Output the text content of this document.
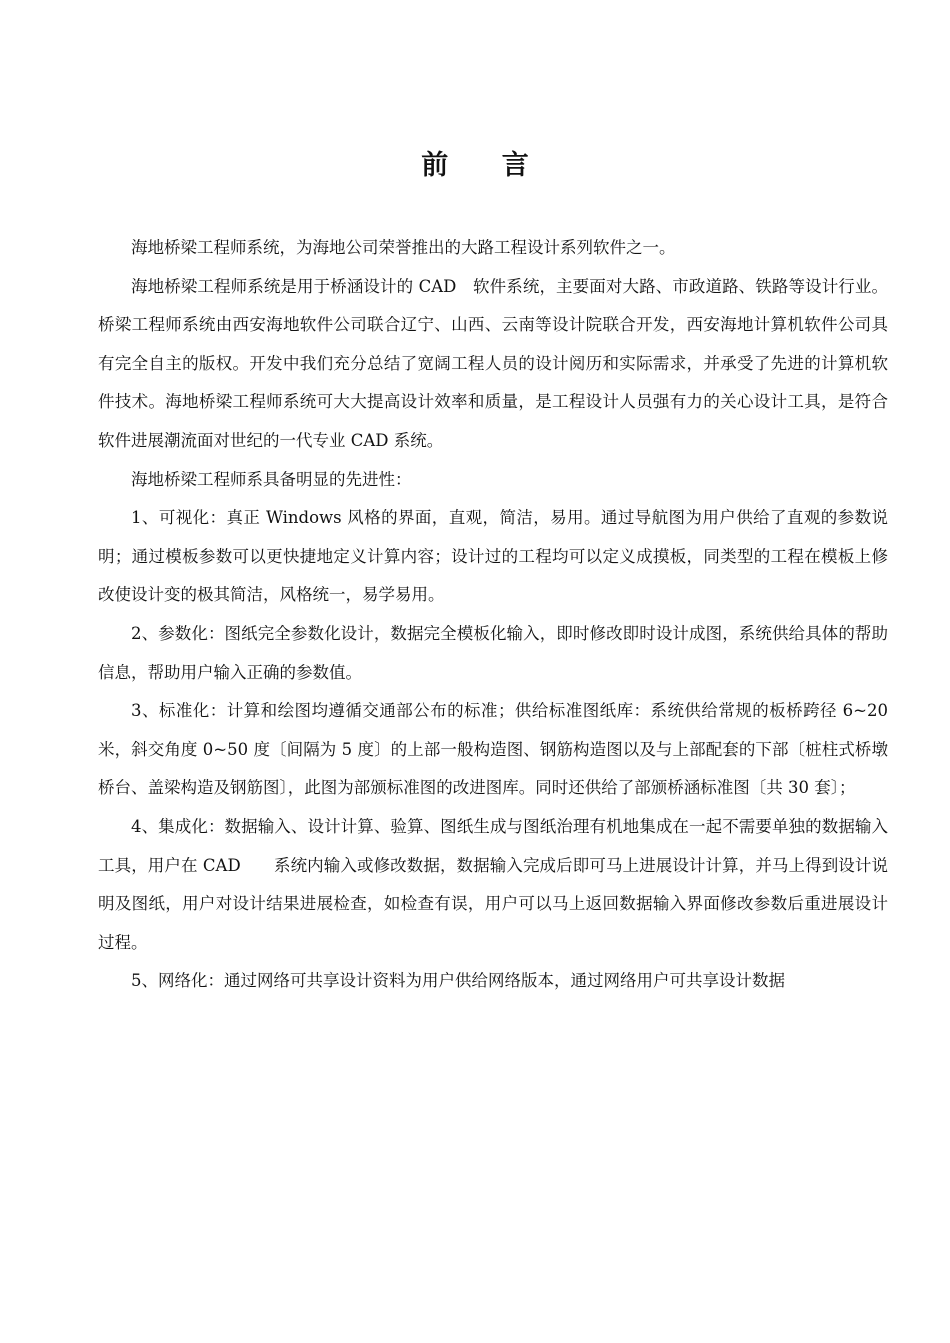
前 言

海地桥梁工程师系统，为海地公司荣誉推出的大路工程设计系列软件之一。

海地桥梁工程师系统是用于桥涵设计的 CAD　软件系统，主要面对大路、市政道路、铁路等设计行业。桥梁工程师系统由西安海地软件公司联合辽宁、山西、云南等设计院联合开发，西安海地计算机软件公司具有完全自主的版权。开发中我们充分总结了宽阔工程人员的设计阅历和实际需求，并承受了先进的计算机软件技术。海地桥梁工程师系统可大大提高设计效率和质量，是工程设计人员强有力的关心设计工具，是符合软件进展潮流面对世纪的一代专业 CAD 系统。

海地桥梁工程师系具备明显的先进性：

1、可视化：真正 Windows 风格的界面，直观，简洁，易用。通过导航图为用户供给了直观的参数说明；通过模板参数可以更快捷地定义计算内容；设计过的工程均可以定义成摸板，同类型的工程在模板上修改使设计变的极其简洁，风格统一，易学易用。

2、参数化：图纸完全参数化设计，数据完全模板化输入，即时修改即时设计成图，系统供给具体的帮助信息，帮助用户输入正确的参数值。

3、标准化：计算和绘图均遵循交通部公布的标准；供给标准图纸库：系统供给常规的板桥跨径 6~20 米，斜交角度 0~50 度〔间隔为 5 度〕的上部一般构造图、钢筋构造图以及与上部配套的下部〔桩柱式桥墩桥台、盖梁构造及钢筋图〕，此图为部颁标准图的改进图库。同时还供给了部颁桥涵标准图〔共 30 套〕；

4、集成化：数据输入、设计计算、验算、图纸生成与图纸治理有机地集成在一起不需要单独的数据输入工具，用户在 CAD　　系统内输入或修改数据，数据输入完成后即可马上进展设计计算，并马上得到设计说明及图纸，用户对设计结果进展检查，如检查有误，用户可以马上返回数据输入界面修改参数后重进展设计过程。

5、网络化：通过网络可共享设计资料为用户供给网络版本，通过网络用户可共享设计数据
